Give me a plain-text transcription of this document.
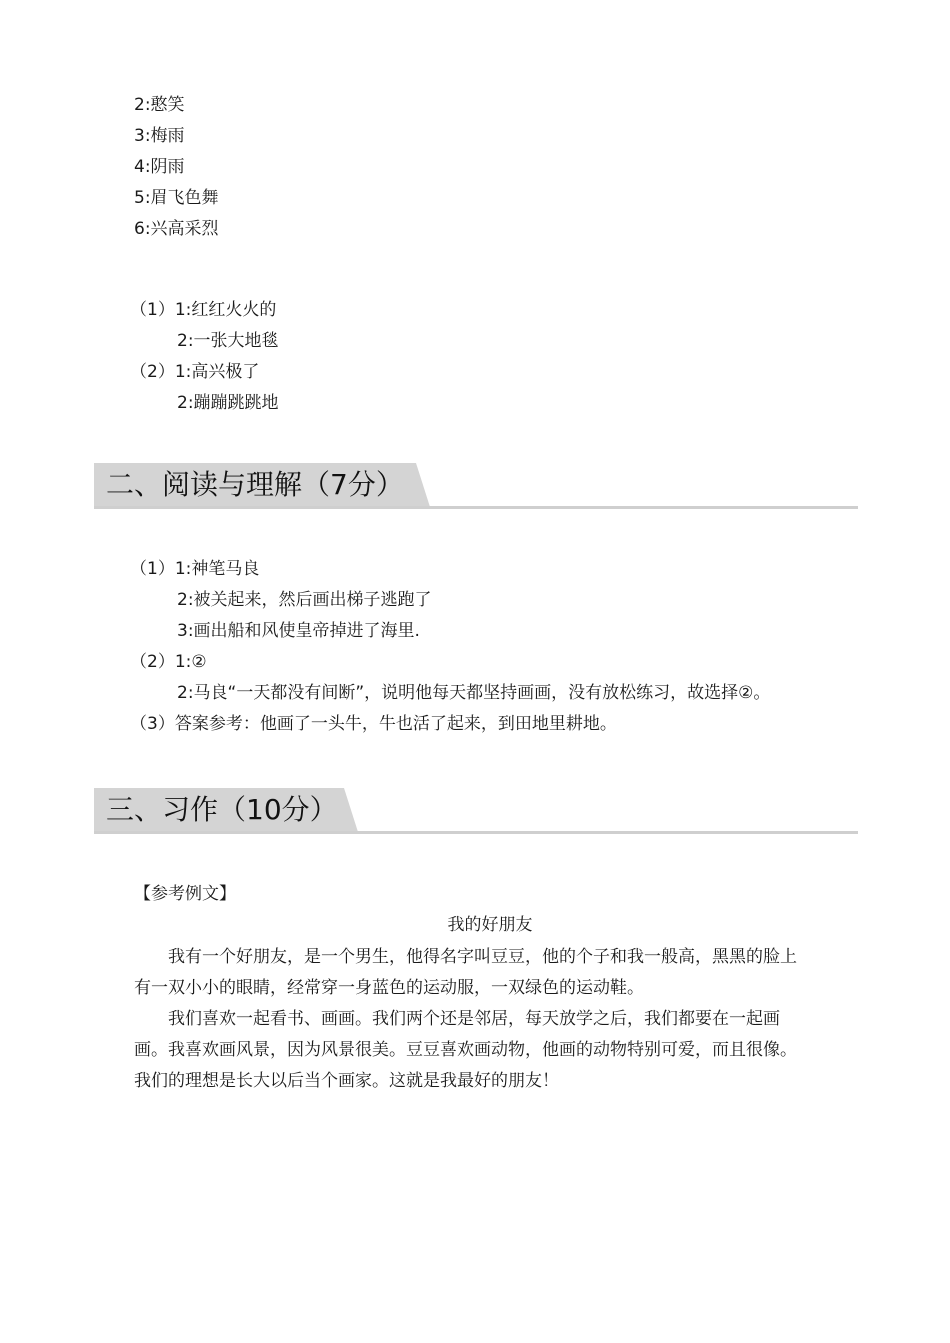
2:憨笑
3:梅雨
4:阴雨
5:眉飞色舞
6:兴高采烈
（1）1:红红火火的
2:一张大地毯
（2）1:高兴极了
2:蹦蹦跳跳地
二、阅读与理解（7分）
（1）1:神笔马良
2:被关起来，然后画出梯子逃跑了
3:画出船和风使皇帝掉进了海里.
（2）1:②
2:马良“一天都没有间断”，说明他每天都坚持画画，没有放松练习，故选择②。
（3）答案参考：他画了一头牛，牛也活了起来，到田地里耕地。
三、习作（10分）
【参考例文】
我的好朋友
我有一个好朋友，是一个男生，他得名字叫豆豆，他的个子和我一般高，黑黑的脸上
有一双小小的眼睛，经常穿一身蓝色的运动服，一双绿色的运动鞋。
我们喜欢一起看书、画画。我们两个还是邻居，每天放学之后，我们都要在一起画
画。我喜欢画风景，因为风景很美。豆豆喜欢画动物，他画的动物特别可爱，而且很像。
我们的理想是长大以后当个画家。这就是我最好的朋友！
